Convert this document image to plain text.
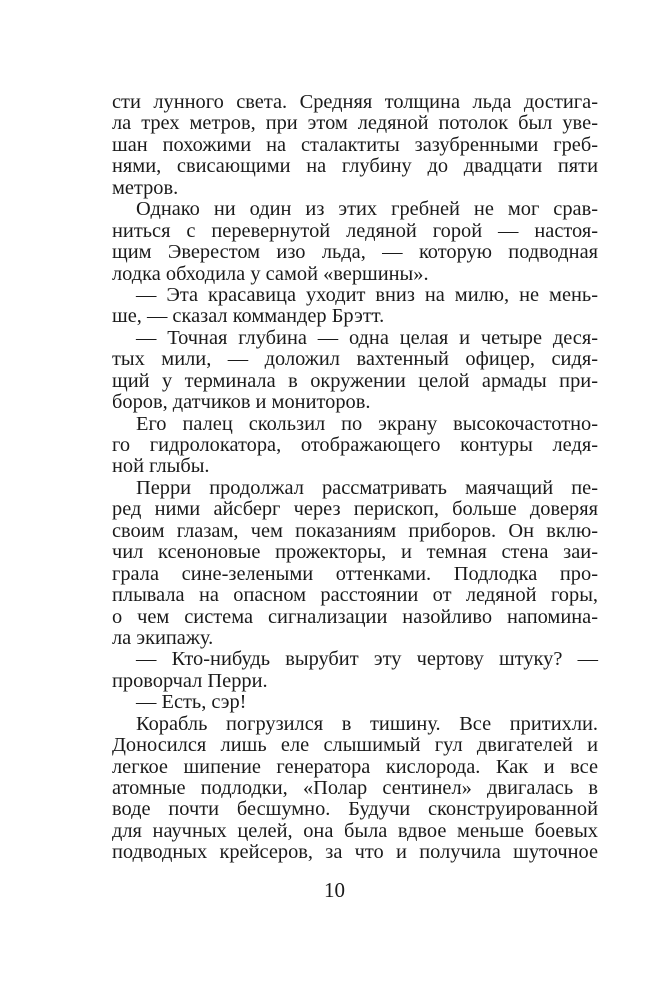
сти лунного света. Средняя толщина льда достига-
ла трех метров, при этом ледяной потолок был увe-
шан похожими на сталактиты зазубренными греб-
нями, свисающими на глубину до двадцати пяти
метров.
Однако ни один из этих гребней не мог срав-
ниться с перевернутой ледяной горой — настоя-
щим Эверестом изо льда, — которую подводная
лодка обходила у самой «вершины».
— Эта красавица уходит вниз на милю, не мень-
ше, — сказал коммандер Брэтт.
— Точная глубина — одна целая и четыре деся-
тых мили, — доложил вахтенный офицер, сидя-
щий у терминала в окружении целой армады при-
боров, датчиков и мониторов.
Его палец скользил по экрану высокочастотно-
го гидролокатора, отображающего контуры ледя-
ной глыбы.
Перри продолжал рассматривать маячащий пе-
ред ними айсберг через перископ, больше доверяя
своим глазам, чем показаниям приборов. Он вклю-
чил ксеноновые прожекторы, и темная стена заи-
грала сине-зелеными оттенками. Подлодка про-
плывала на опасном расстоянии от ледяной горы,
о чем система сигнализации назойливо напомина-
ла экипажу.
— Кто-нибудь вырубит эту чертову штуку? —
проворчал Перри.
— Есть, сэр!
Корабль погрузился в тишину. Все притихли.
Доносился лишь еле слышимый гул двигателей и
легкое шипение генератора кислорода. Как и все
атомные подлодки, «Полар сентинел» двигалась в
воде почти бесшумно. Будучи сконструированной
для научных целей, она была вдвое меньше боевых
подводных крейсеров, за что и получила шуточное
10
